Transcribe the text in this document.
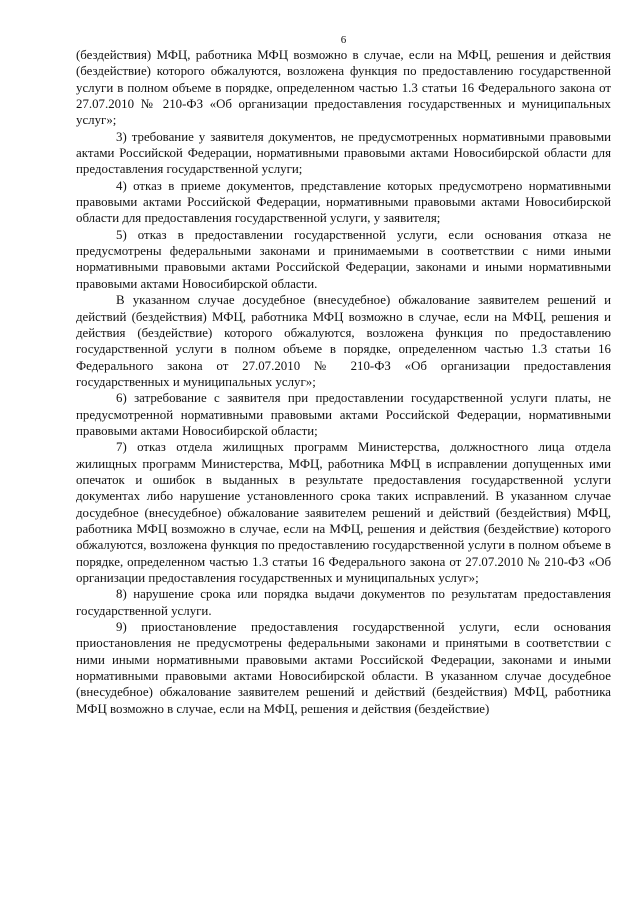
6

(бездействия) МФЦ, работника МФЦ возможно в случае, если на МФЦ, решения и действия (бездействие) которого обжалуются, возложена функция по предоставлению государственной услуги в полном объеме в порядке, определенном частью 1.3 статьи 16 Федерального закона от 27.07.2010 № 210-ФЗ «Об организации предоставления государственных и муниципальных услуг»;

3) требование у заявителя документов, не предусмотренных нормативными правовыми актами Российской Федерации, нормативными правовыми актами Новосибирской области для предоставления государственной услуги;

4) отказ в приеме документов, представление которых предусмотрено нормативными правовыми актами Российской Федерации, нормативными правовыми актами Новосибирской области для предоставления государственной услуги, у заявителя;

5) отказ в предоставлении государственной услуги, если основания отказа не предусмотрены федеральными законами и принимаемыми в соответствии с ними иными нормативными правовыми актами Российской Федерации, законами и иными нормативными правовыми актами Новосибирской области.

В указанном случае досудебное (внесудебное) обжалование заявителем решений и действий (бездействия) МФЦ, работника МФЦ возможно в случае, если на МФЦ, решения и действия (бездействие) которого обжалуются, возложена функция по предоставлению государственной услуги в полном объеме в порядке, определенном частью 1.3 статьи 16 Федерального закона от 27.07.2010 № 210-ФЗ «Об организации предоставления государственных и муниципальных услуг»;

6) затребование с заявителя при предоставлении государственной услуги платы, не предусмотренной нормативными правовыми актами Российской Федерации, нормативными правовыми актами Новосибирской области;

7) отказ отдела жилищных программ Министерства, должностного лица отдела жилищных программ Министерства, МФЦ, работника МФЦ в исправлении допущенных ими опечаток и ошибок в выданных в результате предоставления государственной услуги документах либо нарушение установленного срока таких исправлений. В указанном случае досудебное (внесудебное) обжалование заявителем решений и действий (бездействия) МФЦ, работника МФЦ возможно в случае, если на МФЦ, решения и действия (бездействие) которого обжалуются, возложена функция по предоставлению государственной услуги в полном объеме в порядке, определенном частью 1.3 статьи 16 Федерального закона от 27.07.2010 № 210-ФЗ «Об организации предоставления государственных и муниципальных услуг»;

8) нарушение срока или порядка выдачи документов по результатам предоставления государственной услуги.

9) приостановление предоставления государственной услуги, если основания приостановления не предусмотрены федеральными законами и принятыми в соответствии с ними иными нормативными правовыми актами Российской Федерации, законами и иными нормативными правовыми актами Новосибирской области. В указанном случае досудебное (внесудебное) обжалование заявителем решений и действий (бездействия) МФЦ, работника МФЦ возможно в случае, если на МФЦ, решения и действия (бездействие)
